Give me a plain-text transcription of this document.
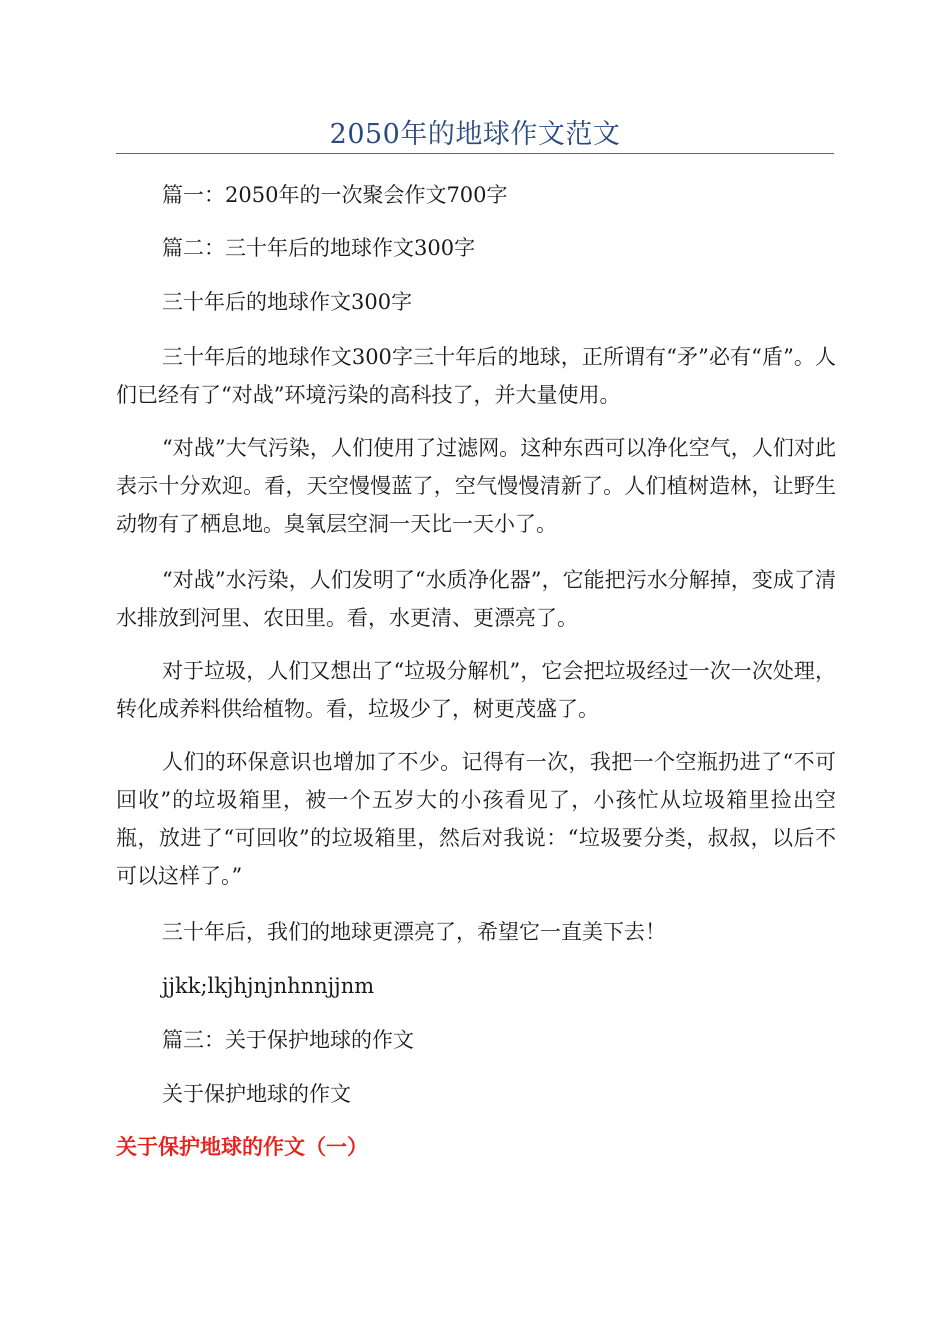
2050年的地球作文范文
篇一：2050年的一次聚会作文700字
篇二：三十年后的地球作文300字
三十年后的地球作文300字
三十年后的地球作文300字三十年后的地球，正所谓有“矛”必有“盾”。人们已经有了“对战”环境污染的高科技了，并大量使用。
“对战”大气污染，人们使用了过滤网。这种东西可以净化空气，人们对此表示十分欢迎。看，天空慢慢蓝了，空气慢慢清新了。人们植树造林，让野生动物有了栖息地。臭氧层空洞一天比一天小了。
“对战”水污染，人们发明了“水质净化器”，它能把污水分解掉，变成了清水排放到河里、农田里。看，水更清、更漂亮了。
对于垃圾，人们又想出了“垃圾分解机”，它会把垃圾经过一次一次处理，转化成养料供给植物。看，垃圾少了，树更茂盛了。
人们的环保意识也增加了不少。记得有一次，我把一个空瓶扔进了“不可回收”的垃圾箱里，被一个五岁大的小孩看见了，小孩忙从垃圾箱里捡出空瓶，放进了“可回收”的垃圾箱里，然后对我说：“垃圾要分类，叔叔，以后不可以这样了。”
三十年后，我们的地球更漂亮了，希望它一直美下去！
jjkk;lkjhjnjnhnnjjnm
篇三：关于保护地球的作文
关于保护地球的作文
关于保护地球的作文（一）
